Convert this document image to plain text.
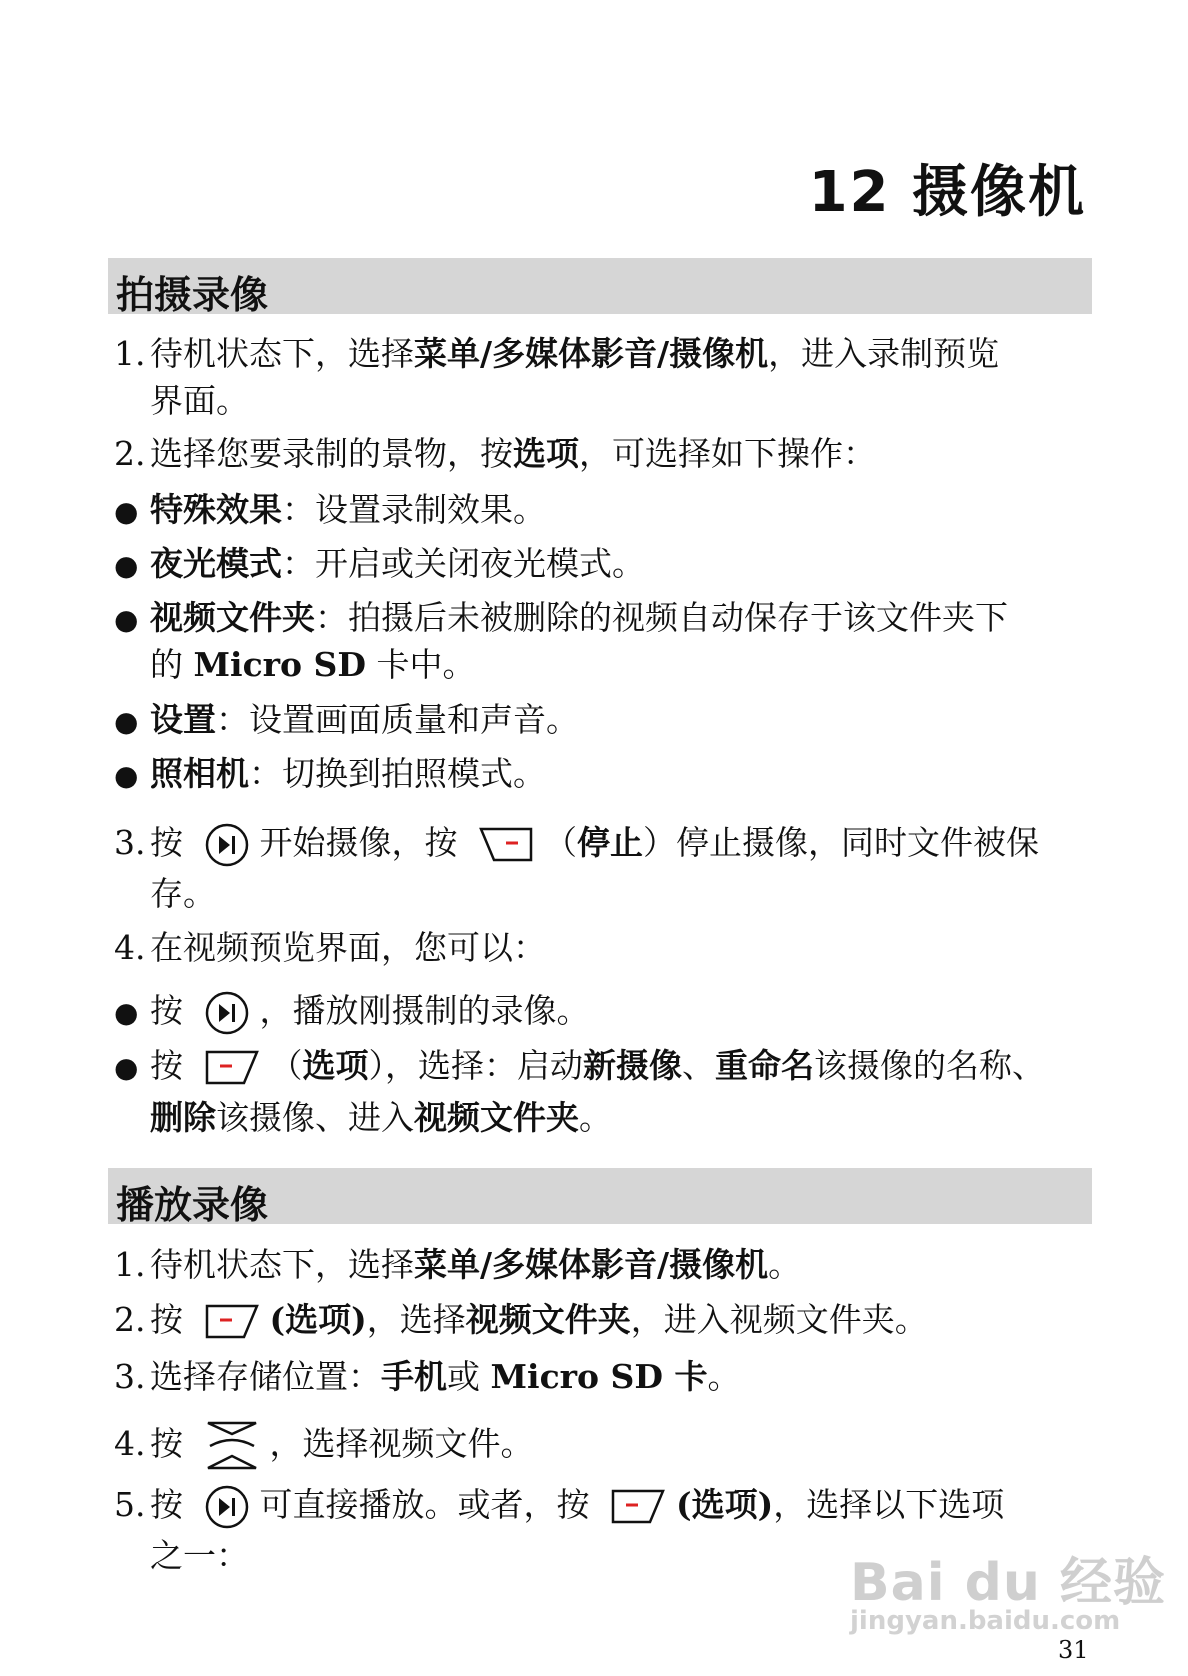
12 摄像机
拍摄录像
1. 待机状态下，选择菜单/多媒体影音/摄像机，进入录制预览
界面。
2. 选择您要录制的景物，按选项，可选择如下操作：
● 特殊效果：设置录制效果。
● 夜光模式：开启或关闭夜光模式。
● 视频文件夹：拍摄后未被删除的视频自动保存于该文件夹下
的 Micro SD 卡中。
● 设置：设置画面质量和声音。
● 照相机：切换到拍照模式。
3. 按 开始摄像，按	（停止）停止摄像，同时文件被保
存。
4. 在视频预览界面，您可以：
● 按 ，播放刚摄制的录像。
● 按	（选项），选择：启动新摄像、重命名该摄像的名称、
删除该摄像、进入视频文件夹。
播放录像
1. 待机状态下，选择菜单/多媒体影音/摄像机。
2. 按	(选项)，选择视频文件夹，进入视频文件夹。
3. 选择存储位置：手机或 Micro SD 卡。
4. 按	，选择视频文件。
5. 按 可直接播放。或者，按	(选项)，选择以下选项
之一：	Bai du 经验
jingyan.baidu.com
31
